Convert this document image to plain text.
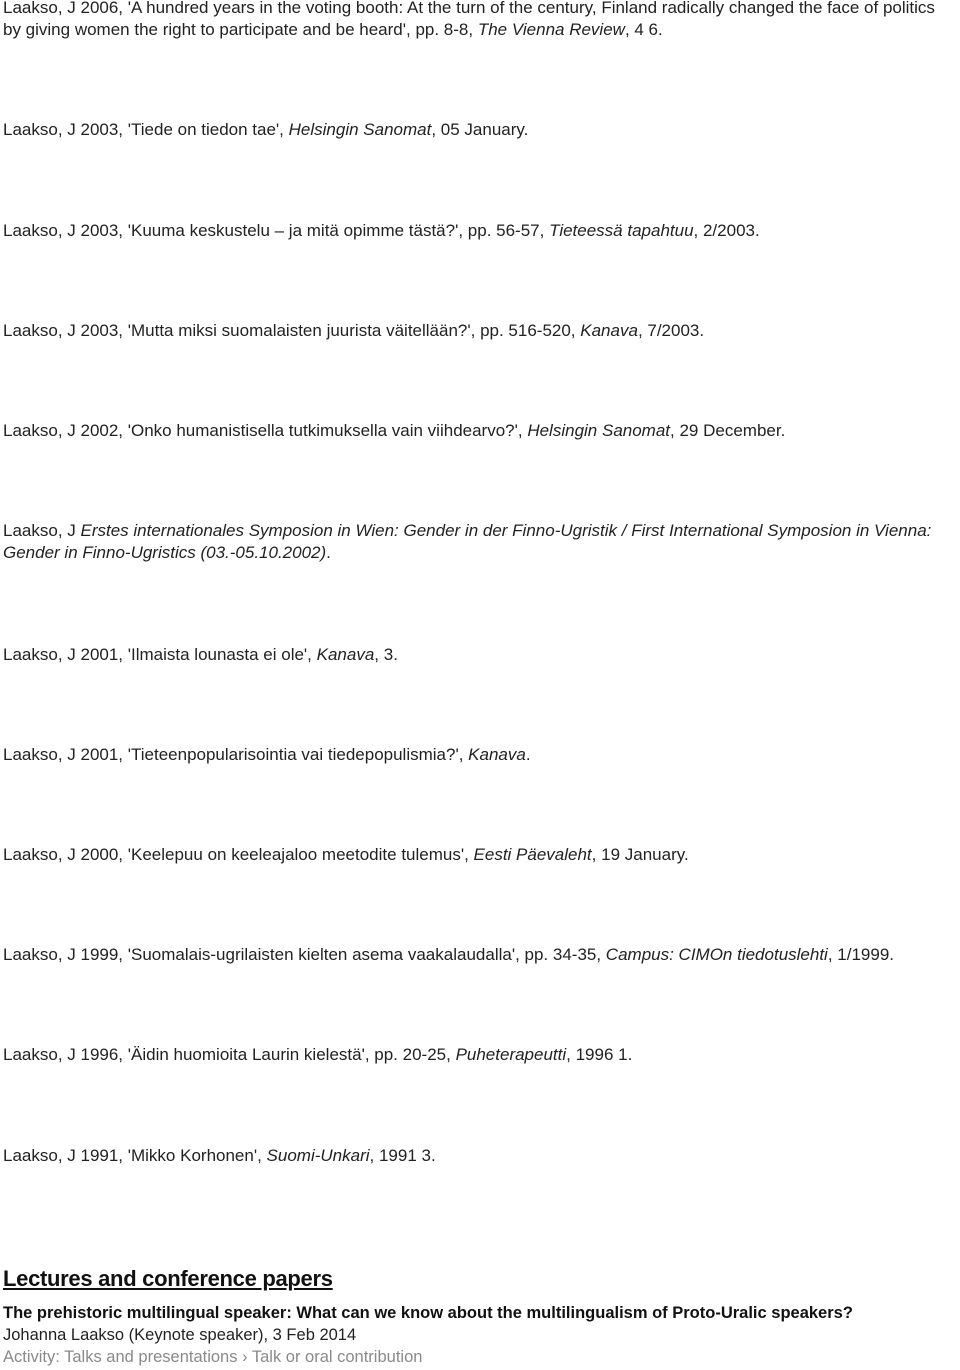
Laakso, J 2006, 'A hundred years in the voting booth: At the turn of the century, Finland radically changed the face of politics by giving women the right to participate and be heard', pp. 8-8, The Vienna Review, 4 6.

Laakso, J 2003, 'Tiede on tiedon tae', Helsingin Sanomat, 05 January.

Laakso, J 2003, 'Kuuma keskustelu – ja mitä opimme tästä?', pp. 56-57, Tieteessä tapahtuu, 2/2003.

Laakso, J 2003, 'Mutta miksi suomalaisten juurista väitellään?', pp. 516-520, Kanava, 7/2003.

Laakso, J 2002, 'Onko humanistisella tutkimuksella vain viihdearvo?', Helsingin Sanomat, 29 December.

Laakso, J Erstes internationales Symposion in Wien: Gender in der Finno-Ugristik / First International Symposion in Vienna: Gender in Finno-Ugristics (03.-05.10.2002).

Laakso, J 2001, 'Ilmaista lounasta ei ole', Kanava, 3.

Laakso, J 2001, 'Tieteenpopularisointia vai tiedepopulismia?', Kanava.

Laakso, J 2000, 'Keelepuu on keeleajaloo meetodite tulemus', Eesti Päevaleht, 19 January.

Laakso, J 1999, 'Suomalais-ugrilaisten kielten asema vaakalaudalla', pp. 34-35, Campus: CIMOn tiedotuslehti, 1/1999.

Laakso, J 1996, 'Äidin huomioita Laurin kielestä', pp. 20-25, Puheterapeutti, 1996 1.

Laakso, J 1991, 'Mikko Korhonen', Suomi-Unkari, 1991 3.

Lectures and conference papers

The prehistoric multilingual speaker: What can we know about the multilingualism of Proto-Uralic speakers?

Johanna Laakso (Keynote speaker), 3 Feb 2014

Activity: Talks and presentations › Talk or oral contribution
